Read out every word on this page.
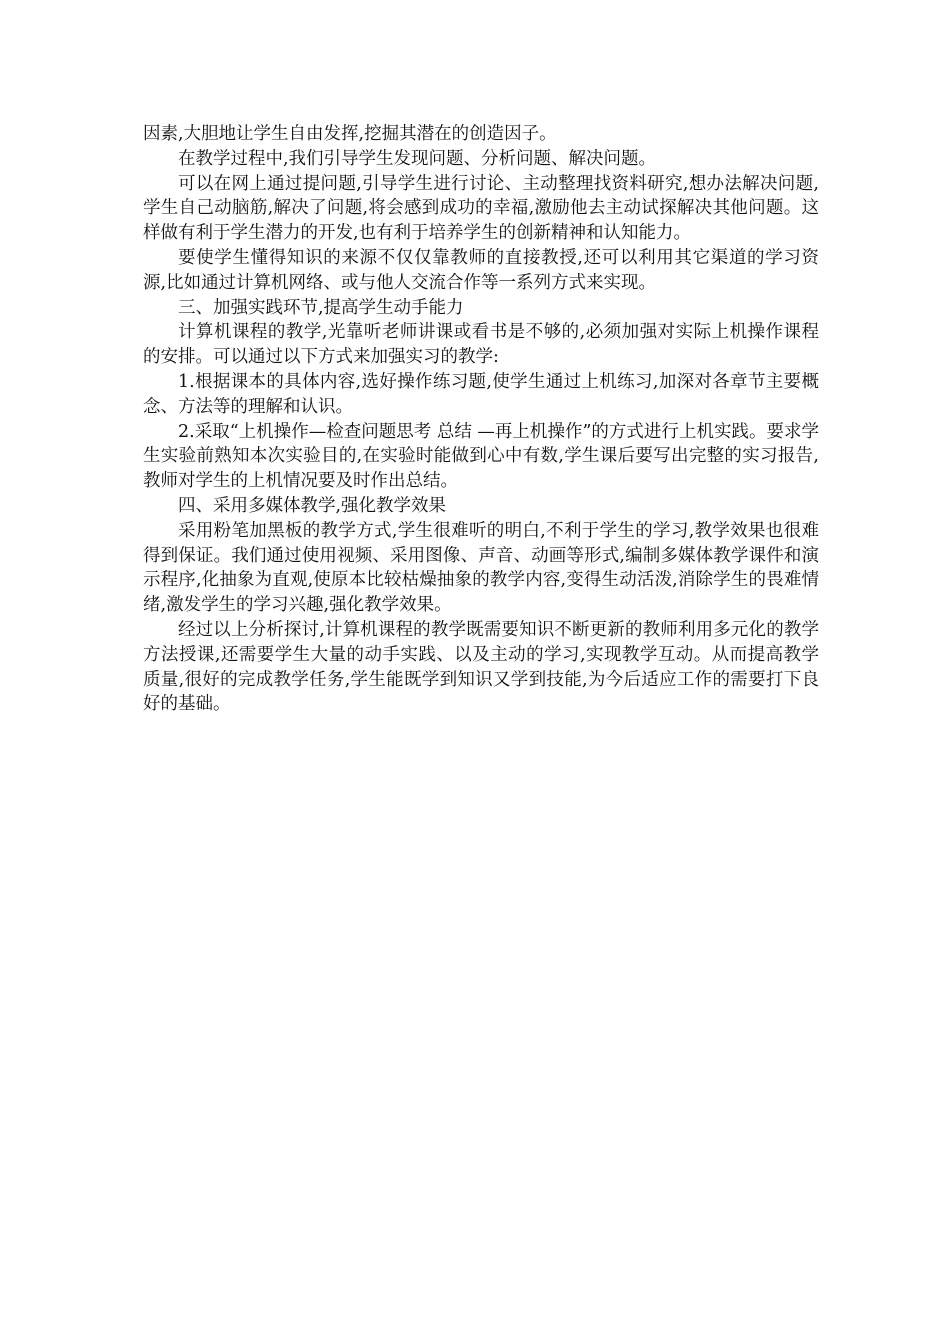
因素,大胆地让学生自由发挥,挖掘其潜在的创造因子。

在教学过程中,我们引导学生发现问题、分析问题、解决问题。

可以在网上通过提问题,引导学生进行讨论、主动整理找资料研究,想办法解决问题,学生自己动脑筋,解决了问题,将会感到成功的幸福,激励他去主动试探解决其他问题。这样做有利于学生潜力的开发,也有利于培养学生的创新精神和认知能力。

要使学生懂得知识的来源不仅仅靠教师的直接教授,还可以利用其它渠道的学习资源,比如通过计算机网络、或与他人交流合作等一系列方式来实现。

三、加强实践环节,提高学生动手能力

计算机课程的教学,光靠听老师讲课或看书是不够的,必须加强对实际上机操作课程的安排。可以通过以下方式来加强实习的教学:

1.根据课本的具体内容,选好操作练习题,使学生通过上机练习,加深对各章节主要概念、方法等的理解和认识。

2.采取“上机操作—检查问题思考 总结 —再上机操作”的方式进行上机实践。要求学生实验前熟知本次实验目的,在实验时能做到心中有数,学生课后要写出完整的实习报告,教师对学生的上机情况要及时作出总结。

四、采用多媒体教学,强化教学效果

采用粉笔加黑板的教学方式,学生很难听的明白,不利于学生的学习,教学效果也很难得到保证。我们通过使用视频、采用图像、声音、动画等形式,编制多媒体教学课件和演示程序,化抽象为直观,使原本比较枯燥抽象的教学内容,变得生动活泼,消除学生的畏难情绪,激发学生的学习兴趣,强化教学效果。

经过以上分析探讨,计算机课程的教学既需要知识不断更新的教师利用多元化的教学方法授课,还需要学生大量的动手实践、以及主动的学习,实现教学互动。从而提高教学质量,很好的完成教学任务,学生能既学到知识又学到技能,为今后适应工作的需要打下良好的基础。
